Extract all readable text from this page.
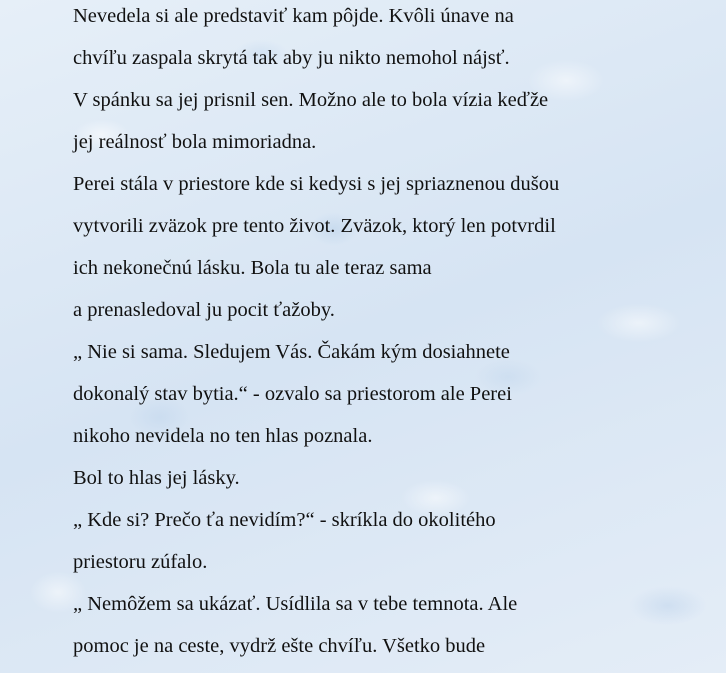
Nevedela si ale predstaviť kam pôjde. Kvôli únave na

chvíľu zaspala skrytá tak aby ju nikto nemohol nájsť.

V spánku sa jej prisnil sen. Možno ale to bola vízia keďže

jej reálnosť bola mimoriadna.

Perei stála v priestore kde si kedysi s jej spriaznenou dušou

vytvorili zväzok pre tento život. Zväzok, ktorý len potvrdil

ich nekonečnú lásku. Bola tu ale teraz sama

a prenasledoval ju pocit ťažoby.

„ Nie si sama. Sledujem Vás. Čakám kým dosiahnete

dokonalý stav bytia.“ - ozvalo sa priestorom ale Perei

nikoho nevidela no ten hlas poznala.

Bol to hlas jej lásky.

„ Kde si? Prečo ťa nevidím?“ - skríkla do okolitého

priestoru zúfalo.

„ Nemôžem sa ukázať. Usídlila sa v tebe temnota. Ale

pomoc je na ceste, vydrž ešte chvíľu. Všetko bude
